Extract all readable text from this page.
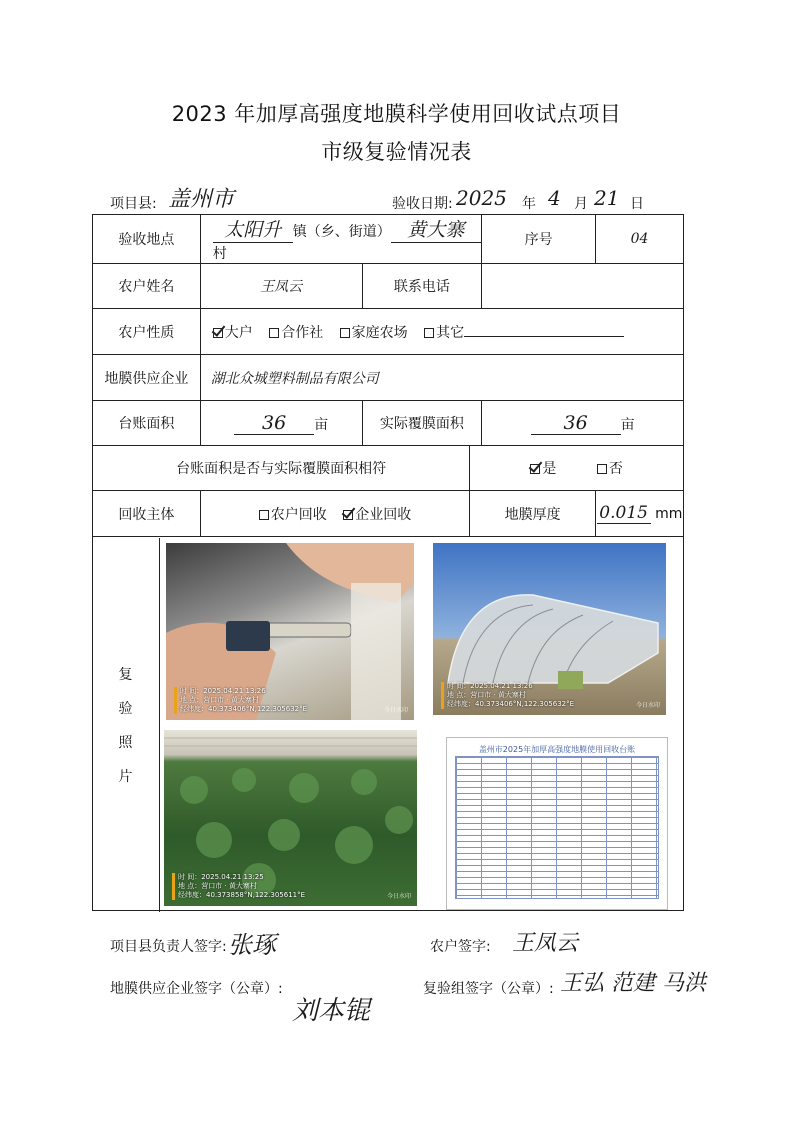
2023 年加厚高强度地膜科学使用回收试点项目
市级复验情况表
项目县: 盖州市	验收日期: 2025 年 4 月 21 日
验收地点	太阳升 镇（乡、街道） 黄大寨村			序号	04
农户姓名	王凤云	联系电话			
农户性质	大户 合作社 家庭农场 其它				
地膜供应企业	湖北众城塑料制品有限公司				
台账面积	36 亩	实际覆膜面积		36 亩	
台账面积是否与实际覆膜面积相符			是 否		
回收主体	农户回收 企业回收		地膜厚度		0.015 mm

复
验
照
片
时 间：2025.04.21 13:26
地 点：营口市 · 黄大寨村
经纬度：40.373406°N,122.305632°E	今日水印
时 间：2025.04.21 13:26
地 点：营口市 · 黄大寨村
经纬度：40.373406°N,122.305632°E	今日水印
时 间：2025.04.21 13:25
地 点：营口市 · 黄大寨村
经纬度：40.373858°N,122.305611°E	今日水印
盖州市2025年加厚高强度地膜使用回收台账
项目县负责人签字: 张琢	农户签字: 王凤云
地膜供应企业签字（公章）:
刘本锟
复验组签字（公章）: 王弘 范建 马洪
